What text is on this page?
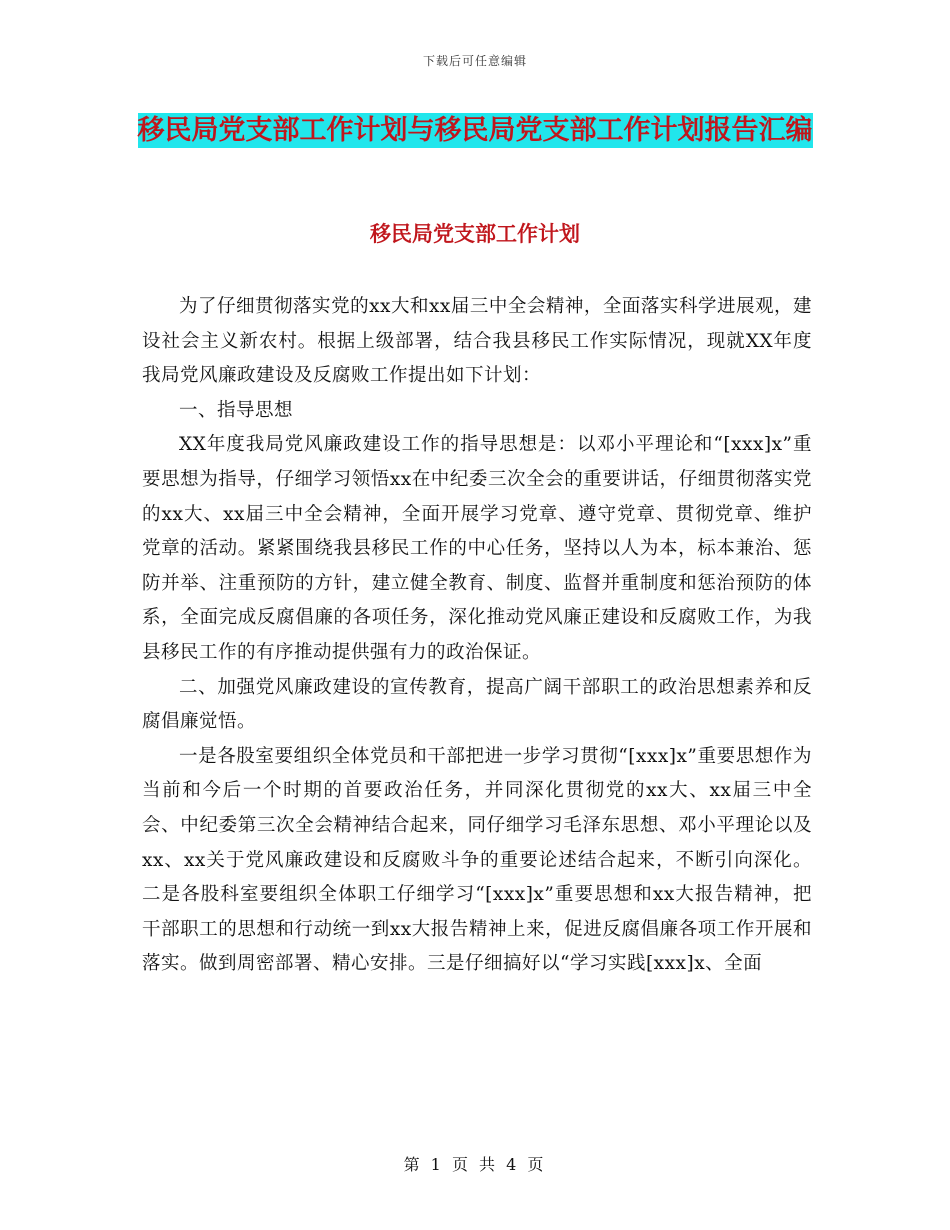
下载后可任意编辑
移民局党支部工作计划与移民局党支部工作计划报告汇编
移民局党支部工作计划

为了仔细贯彻落实党的xx大和xx届三中全会精神，全面落实科学进展观，建设社会主义新农村。根据上级部署，结合我县移民工作实际情况，现就XX年度我局党风廉政建设及反腐败工作提出如下计划：

一、指导思想

XX年度我局党风廉政建设工作的指导思想是：以邓小平理论和“[xxx]x”重要思想为指导，仔细学习领悟xx在中纪委三次全会的重要讲话，仔细贯彻落实党的xx大、xx届三中全会精神，全面开展学习党章、遵守党章、贯彻党章、维护党章的活动。紧紧围绕我县移民工作的中心任务，坚持以人为本，标本兼治、惩防并举、注重预防的方针，建立健全教育、制度、监督并重制度和惩治预防的体系，全面完成反腐倡廉的各项任务，深化推动党风廉正建设和反腐败工作，为我县移民工作的有序推动提供强有力的政治保证。

二、加强党风廉政建设的宣传教育，提高广阔干部职工的政治思想素养和反腐倡廉觉悟。

一是各股室要组织全体党员和干部把进一步学习贯彻“[xxx]x”重要思想作为当前和今后一个时期的首要政治任务，并同深化贯彻党的xx大、xx届三中全会、中纪委第三次全会精神结合起来，同仔细学习毛泽东思想、邓小平理论以及xx、xx关于党风廉政建设和反腐败斗争的重要论述结合起来，不断引向深化。二是各股科室要组织全体职工仔细学习“[xxx]x”重要思想和xx大报告精神，把干部职工的思想和行动统一到xx大报告精神上来，促进反腐倡廉各项工作开展和落实。做到周密部署、精心安排。三是仔细搞好以“学习实践[xxx]x、全面

第 1 页 共 4 页
